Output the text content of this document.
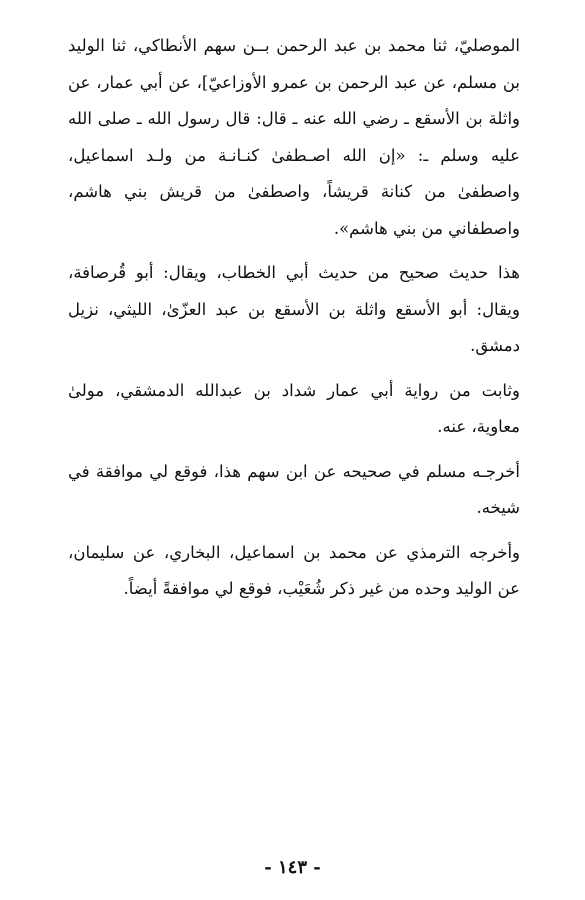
الموصليّ، ثنا محمد بن عبد الرحمن بــن سهم الأنطاكي، ثنا الوليد بن مسلم، عن عبد الرحمن بن عمرو الأوزاعيّ]، عن أبي عمار، عن واثلة بن الأسقع ـ رضي الله عنه ـ قال: قال رسول الله ـ صلى الله عليه وسلم ـ: «إن الله اصـطفىٰ كنـانـة من ولـد اسماعيل، واصطفىٰ من كنانة قريشاً، واصطفىٰ من قريش بني هاشم، واصطفاني من بني هاشم».

هذا حديث صحيح من حديث أبي الخطاب، ويقال: أبو قُرصافة، ويقال: أبو الأسقع واثلة بن الأسقع بن عبد العزّىٰ، الليثي، نزيل دمشق.

وثابت من رواية أبي عمار شداد بن عبدالله الدمشقي، مولىٰ معاوية، عنه.

أخرجـه مسلم في صحيحه عن ابن سهم هذا، فوقع لي موافقة في شيخه.

وأخرجه الترمذي عن محمد بن اسماعيل، البخاري، عن سليمان، عن الوليد وحده من غير ذكر شُعَيْب، فوقع لي موافقةً أيضاً.

- ١٤٣ -
